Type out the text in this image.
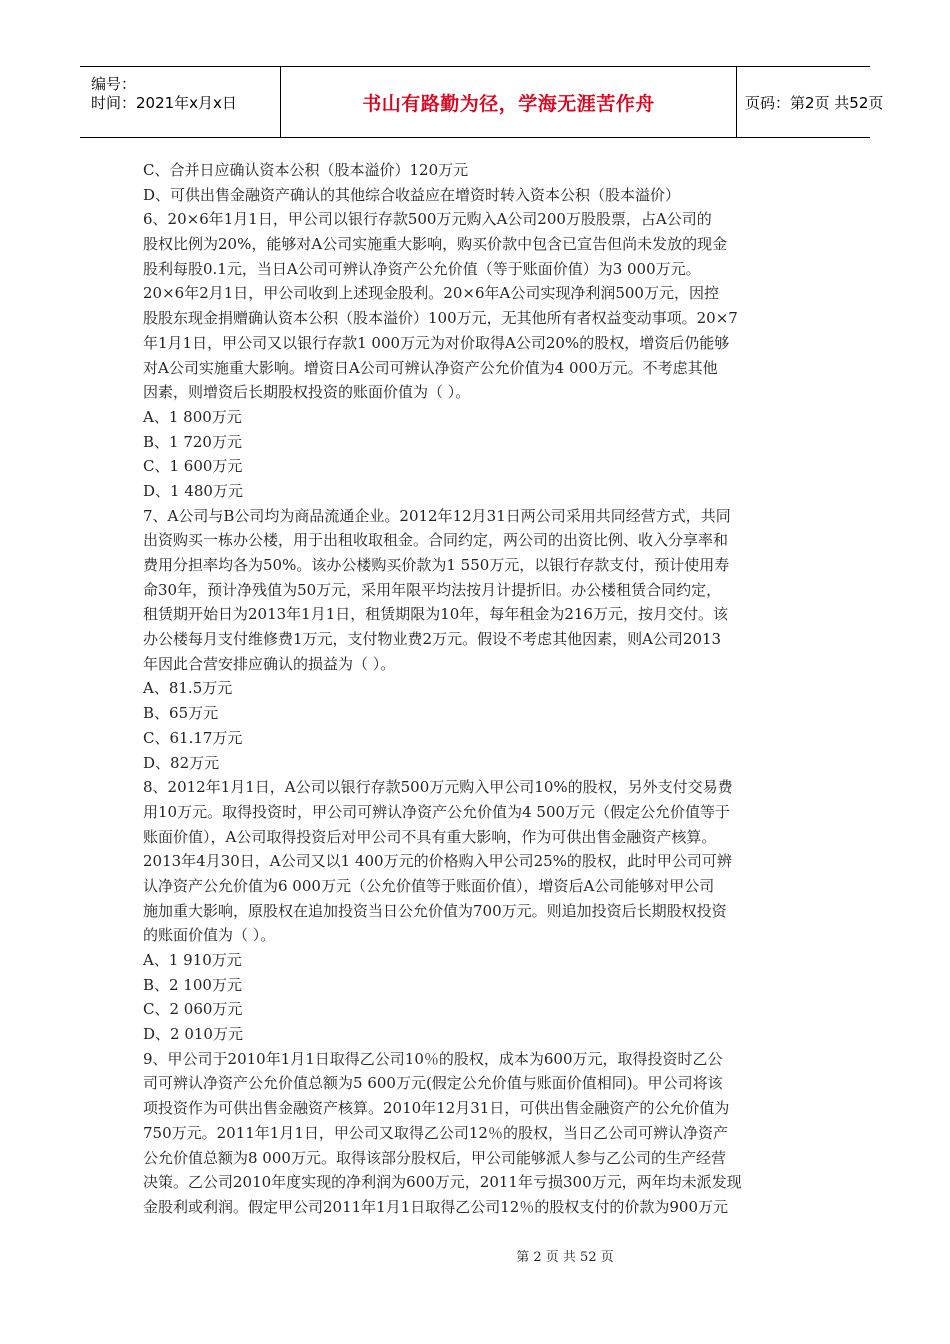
编号：
时间：2021年x月x日	书山有路勤为径，学海无涯苦作舟	页码：第2页 共52页
C、合并日应确认资本公积（股本溢价）120万元
D、可供出售金融资产确认的其他综合收益应在增资时转入资本公积（股本溢价）
6、20×6年1月1日，甲公司以银行存款500万元购入A公司200万股股票，占A公司的
股权比例为20%，能够对A公司实施重大影响，购买价款中包含已宣告但尚未发放的现金
股利每股0.1元，当日A公司可辨认净资产公允价值（等于账面价值）为3 000万元。
20×6年2月1日，甲公司收到上述现金股利。20×6年A公司实现净利润500万元，因控
股股东现金捐赠确认资本公积（股本溢价）100万元，无其他所有者权益变动事项。20×7
年1月1日，甲公司又以银行存款1 000万元为对价取得A公司20%的股权，增资后仍能够
对A公司实施重大影响。增资日A公司可辨认净资产公允价值为4 000万元。不考虑其他
因素，则增资后长期股权投资的账面价值为（ ）。
A、1 800万元
B、1 720万元
C、1 600万元
D、1 480万元
7、A公司与B公司均为商品流通企业。2012年12月31日两公司采用共同经营方式，共同
出资购买一栋办公楼，用于出租收取租金。合同约定，两公司的出资比例、收入分享率和
费用分担率均各为50%。该办公楼购买价款为1 550万元，以银行存款支付，预计使用寿
命30年，预计净残值为50万元，采用年限平均法按月计提折旧。办公楼租赁合同约定，
租赁期开始日为2013年1月1日，租赁期限为10年，每年租金为216万元，按月交付。该
办公楼每月支付维修费1万元，支付物业费2万元。假设不考虑其他因素，则A公司2013
年因此合营安排应确认的损益为（ ）。
A、81.5万元
B、65万元
C、61.17万元
D、82万元
8、2012年1月1日，A公司以银行存款500万元购入甲公司10%的股权，另外支付交易费
用10万元。取得投资时，甲公司可辨认净资产公允价值为4 500万元（假定公允价值等于
账面价值），A公司取得投资后对甲公司不具有重大影响，作为可供出售金融资产核算。
2013年4月30日，A公司又以1 400万元的价格购入甲公司25%的股权，此时甲公司可辨
认净资产公允价值为6 000万元（公允价值等于账面价值），增资后A公司能够对甲公司
施加重大影响，原股权在追加投资当日公允价值为700万元。则追加投资后长期股权投资
的账面价值为（ ）。
A、1 910万元
B、2 100万元
C、2 060万元
D、2 010万元
9、甲公司于2010年1月1日取得乙公司10％的股权，成本为600万元，取得投资时乙公
司可辨认净资产公允价值总额为5 600万元(假定公允价值与账面价值相同)。甲公司将该
项投资作为可供出售金融资产核算。2010年12月31日，可供出售金融资产的公允价值为
750万元。2011年1月1日，甲公司又取得乙公司12％的股权，当日乙公司可辨认净资产
公允价值总额为8 000万元。取得该部分股权后，甲公司能够派人参与乙公司的生产经营
决策。乙公司2010年度实现的净利润为600万元，2011年亏损300万元，两年均未派发现
金股利或利润。假定甲公司2011年1月1日取得乙公司12％的股权支付的价款为900万元
第 2 页 共 52 页
